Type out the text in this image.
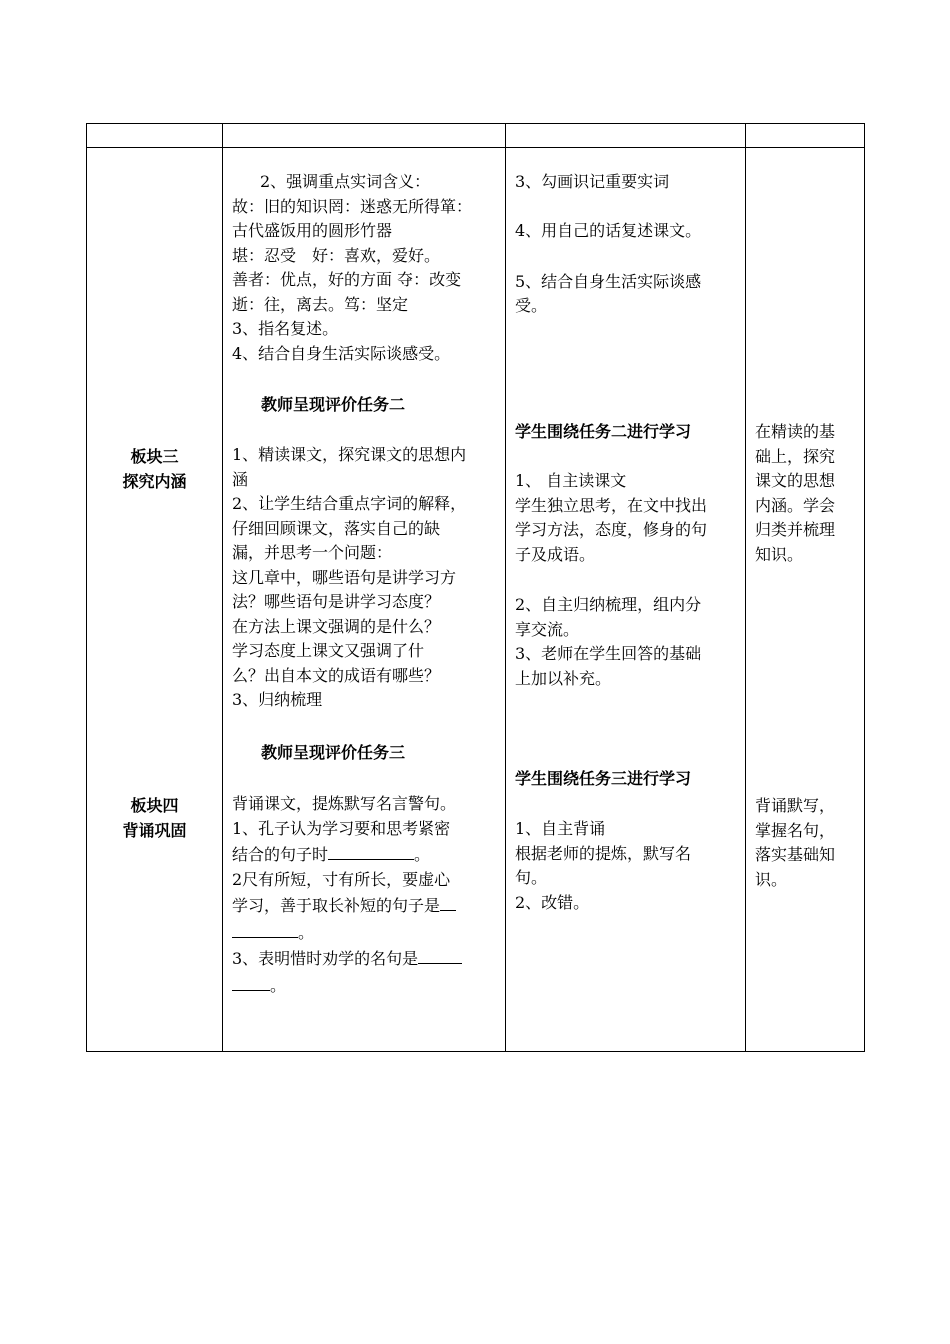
板块三
探究内涵
板块四
背诵巩固
2、强调重点实词含义：
故：旧的知识罔：迷惑无所得箪：
古代盛饭用的圆形竹器
堪：忍受　好：喜欢，爱好。
善者：优点，好的方面 夺：改变
逝：往，离去。笃：坚定
3、指名复述。
4、结合自身生活实际谈感受。
教师呈现评价任务二
1、精读课文，探究课文的思想内
涵
2、让学生结合重点字词的解释，
仔细回顾课文，落实自己的缺
漏，并思考一个问题：
这几章中，哪些语句是讲学习方
法？哪些语句是讲学习态度？
在方法上课文强调的是什么？
学习态度上课文又强调了什
么？出自本文的成语有哪些？
3、归纳梳理
教师呈现评价任务三
背诵课文，提炼默写名言警句。
1、孔子认为学习要和思考紧密
结合的句子时	。
2尺有所短，寸有所长，要虚心
学习，善于取长补短的句子是
。
3、表明惜时劝学的名句是
。
3、勾画识记重要实词
4、用自己的话复述课文。
5、结合自身生活实际谈感
受。
学生围绕任务二进行学习
1、 自主读课文
学生独立思考，在文中找出
学习方法，态度，修身的句
子及成语。
2、自主归纳梳理，组内分
享交流。
3、老师在学生回答的基础
上加以补充。
学生围绕任务三进行学习
1、自主背诵
根据老师的提炼，默写名
句。
2、改错。
在精读的基
础上，探究
课文的思想
内涵。学会
归类并梳理
知识。
背诵默写，
掌握名句，
落实基础知
识。
